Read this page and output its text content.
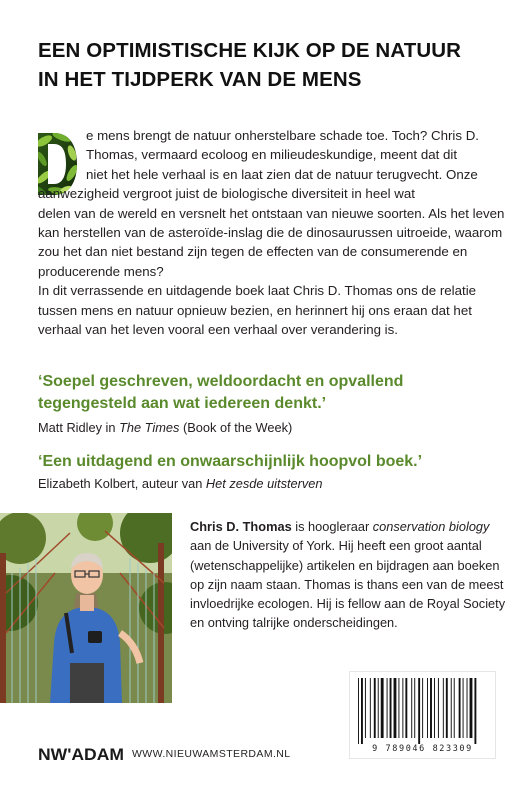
EEN OPTIMISTISCHE KIJK OP DE NATUUR
IN HET TIJDPERK VAN DE MENS

e mens brengt de natuur onherstelbare schade toe. Toch? Chris D.
Thomas, vermaard ecoloog en milieudeskundige, meent dat dit
niet het hele verhaal is en laat zien dat de natuur terugvecht. Onze
aanwezigheid vergroot juist de biologische diversiteit in heel wat
delen van de wereld en versnelt het ontstaan van nieuwe soorten. Als het leven
kan herstellen van de asteroïde-inslag die de dinosaurussen uitroeide, waarom
zou het dan niet bestand zijn tegen de effecten van de consumerende en
producerende mens?

In dit verrassende en uitdagende boek laat Chris D. Thomas ons de relatie
tussen mens en natuur opnieuw bezien, en herinnert hij ons eraan dat het
verhaal van het leven vooral een verhaal over verandering is.

‘Soepel geschreven, weldoordacht en opvallend
tegengesteld aan wat iedereen denkt.’

Matt Ridley in The Times (Book of the Week)

‘Een uitdagend en onwaarschijnlijk hoopvol boek.’

Elizabeth Kolbert, auteur van Het zesde uitsterven
Chris D. Thomas is hoogleraar conservation biology
aan de University of York. Hij heeft een groot aantal
(wetenschappelijke) artikelen en bijdragen aan boeken
op zijn naam staan. Thomas is thans een van de meest
invloedrijke ecologen. Hij is fellow aan de Royal Society
en ontving talrijke onderscheidingen.
9 789046 823309
NW'ADAM WWW.NIEUWAMSTERDAM.NL
